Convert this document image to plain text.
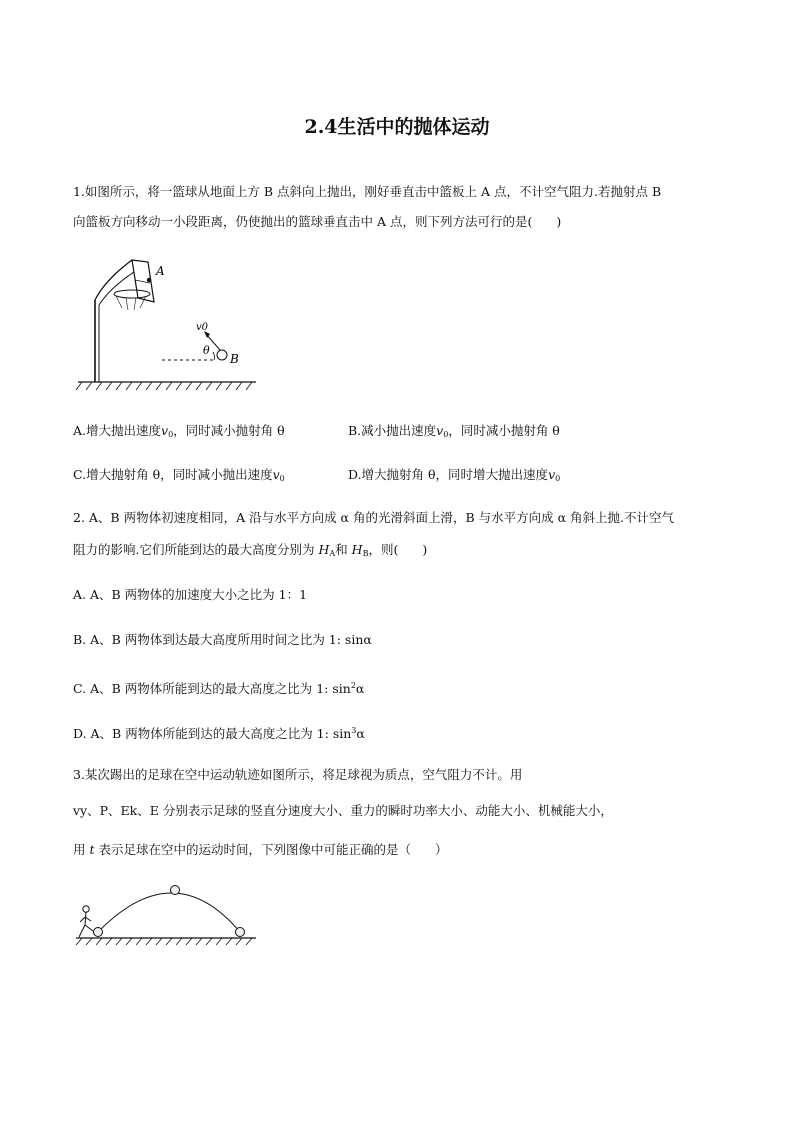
2.4生活中的抛体运动
1.如图所示，将一篮球从地面上方 B 点斜向上抛出，刚好垂直击中篮板上 A 点，不计空气阻力.若抛射点 B
向篮板方向移动一小段距离，仍使抛出的篮球垂直击中 A 点，则下列方法可行的是( )
A
θ
B
v0
A.增大抛出速度$v_0$，同时减小抛射角 θ	B.减小抛出速度$v_0$，同时减小抛射角 θ
C.增大抛射角 θ，同时减小抛出速度$v_0$	D.增大抛射角 θ，同时增大抛出速度$v_0$
2. A、B 两物体初速度相同，A 沿与水平方向成 α 角的光滑斜面上滑，B 与水平方向成 α 角斜上抛.不计空气
阻力的影响.它们所能到达的最大高度分别为 $H_A$和 $H_B$，则( )
A. A、B 两物体的加速度大小之比为 1：1
B. A、B 两物体到达最大高度所用时间之比为 1: sinα
C. A、B 两物体所能到达的最大高度之比为 1: $\sin^2\alpha$
D. A、B 两物体所能到达的最大高度之比为 1: $\sin^3\alpha$
3.某次踢出的足球在空中运动轨迹如图所示，将足球视为质点，空气阻力不计。用
vy、P、Ek、E 分别表示足球的竖直分速度大小、重力的瞬时功率大小、动能大小、机械能大小，
用 t 表示足球在空中的运动时间，下列图像中可能正确的是（ ）
